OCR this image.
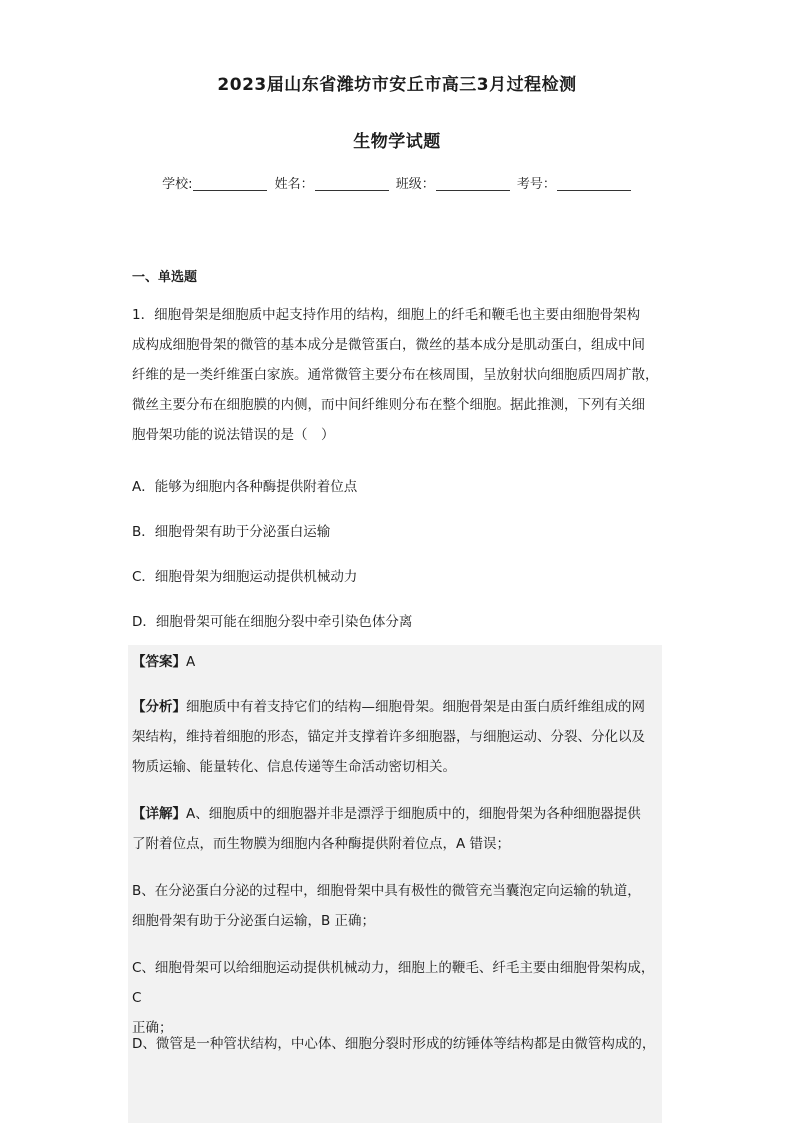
2023届山东省潍坊市安丘市高三3月过程检测
生物学试题
学校:	姓名：	班级：	考号：
一、单选题
1．细胞骨架是细胞质中起支持作用的结构，细胞上的纤毛和鞭毛也主要由细胞骨架构
成构成细胞骨架的微管的基本成分是微管蛋白，微丝的基本成分是肌动蛋白，组成中间
纤维的是一类纤维蛋白家族。通常微管主要分布在核周围，呈放射状向细胞质四周扩散，
微丝主要分布在细胞膜的内侧，而中间纤维则分布在整个细胞。据此推测，下列有关细
胞骨架功能的说法错误的是（　）
A．能够为细胞内各种酶提供附着位点
B．细胞骨架有助于分泌蛋白运输
C．细胞骨架为细胞运动提供机械动力
D．细胞骨架可能在细胞分裂中牵引染色体分离
【答案】A
【分析】细胞质中有着支持它们的结构—细胞骨架。细胞骨架是由蛋白质纤维组成的网
架结构，维持着细胞的形态，锚定并支撑着许多细胞器，与细胞运动、分裂、分化以及
物质运输、能量转化、信息传递等生命活动密切相关。
【详解】A、细胞质中的细胞器并非是漂浮于细胞质中的，细胞骨架为各种细胞器提供
了附着位点，而生物膜为细胞内各种酶提供附着位点，A 错误；
B、在分泌蛋白分泌的过程中，细胞骨架中具有极性的微管充当囊泡定向运输的轨道，
细胞骨架有助于分泌蛋白运输，B 正确；
C、细胞骨架可以给细胞运动提供机械动力，细胞上的鞭毛、纤毛主要由细胞骨架构成，C
正确；
D、微管是一种管状结构，中心体、细胞分裂时形成的纺锤体等结构都是由微管构成的，
